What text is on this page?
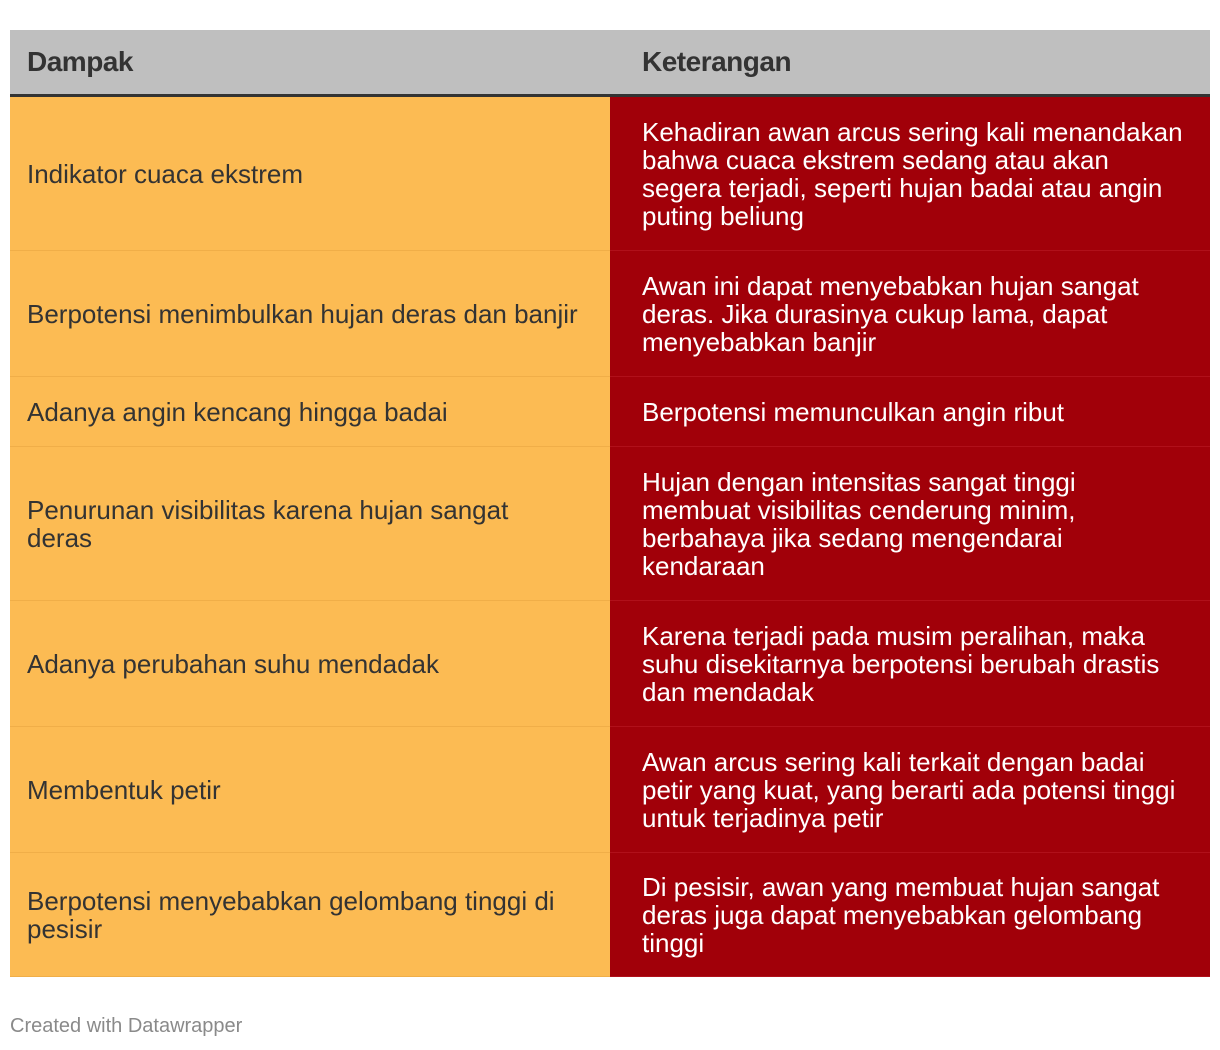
Dampak	Keterangan
Indikator cuaca ekstrem
Kehadiran awan arcus sering kali menandakan bahwa cuaca ekstrem sedang atau akan segera terjadi, seperti hujan badai atau angin puting beliung
Berpotensi menimbulkan hujan deras dan banjir
Awan ini dapat menyebabkan hujan sangat deras. Jika durasinya cukup lama, dapat menyebabkan banjir
Adanya angin kencang hingga badai	Berpotensi memunculkan angin ribut
Penurunan visibilitas karena hujan sangat deras
Hujan dengan intensitas sangat tinggi membuat visibilitas cenderung minim, berbahaya jika sedang mengendarai kendaraan
Adanya perubahan suhu mendadak
Karena terjadi pada musim peralihan, maka suhu disekitarnya berpotensi berubah drastis dan mendadak
Membentuk petir
Awan arcus sering kali terkait dengan badai petir yang kuat, yang berarti ada potensi tinggi untuk terjadinya petir
Berpotensi menyebabkan gelombang tinggi di pesisir
Di pesisir, awan yang membuat hujan sangat deras juga dapat menyebabkan gelombang tinggi
Created with Datawrapper
